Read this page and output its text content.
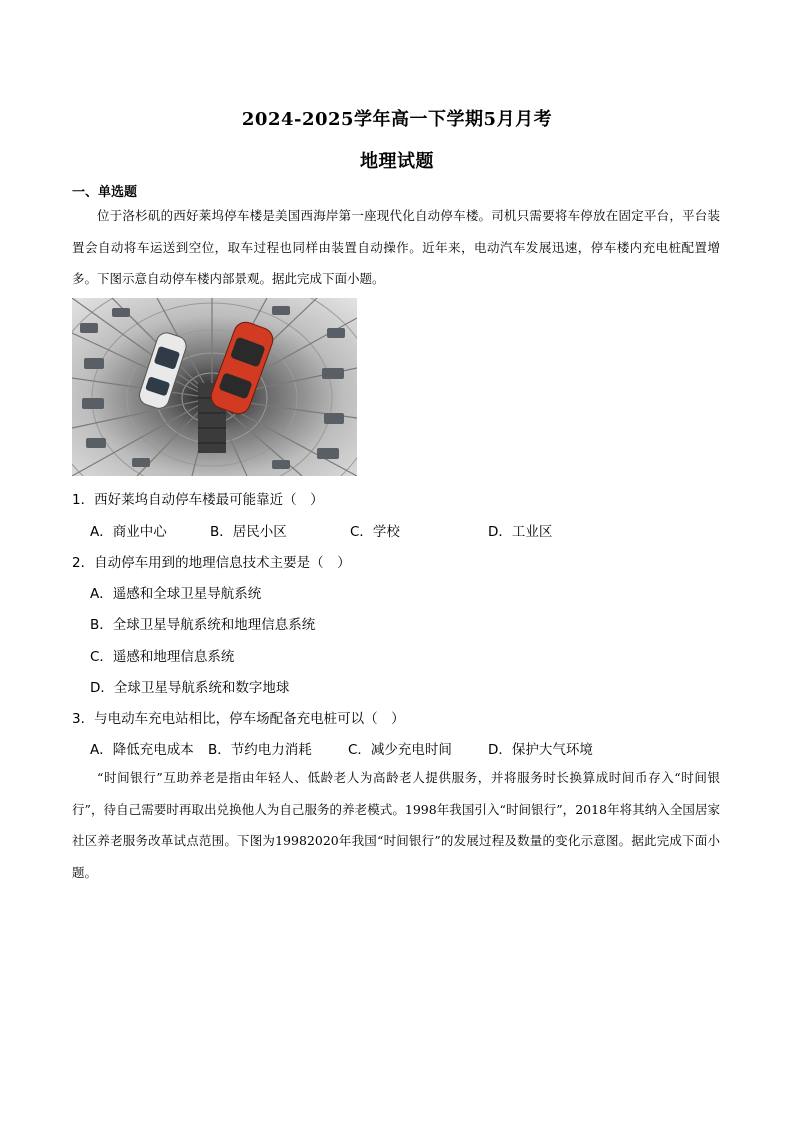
2024-2025学年高一下学期5月月考
地理试题
一、单选题
位于洛杉矶的西好莱坞停车楼是美国西海岸第一座现代化自动停车楼。司机只需要将车停放在固定平台，平台装置会自动将车运送到空位，取车过程也同样由装置自动操作。近年来，电动汽车发展迅速，停车楼内充电桩配置增多。下图示意自动停车楼内部景观。据此完成下面小题。
1．西好莱坞自动停车楼最可能靠近（　）
A．商业中心	B．居民小区	C．学校	D．工业区
2．自动停车用到的地理信息技术主要是（　）
A．遥感和全球卫星导航系统
B．全球卫星导航系统和地理信息系统
C．遥感和地理信息系统
D．全球卫星导航系统和数字地球
3．与电动车充电站相比，停车场配备充电桩可以（　）
A．降低充电成本 B．节约电力消耗	C．减少充电时间	D．保护大气环境
“时间银行”互助养老是指由年轻人、低龄老人为高龄老人提供服务，并将服务时长换算成时间币存入“时间银行”，待自己需要时再取出兑换他人为自己服务的养老模式。1998年我国引入“时间银行”，2018年将其纳入全国居家社区养老服务改革试点范围。下图为19982020年我国“时间银行”的发展过程及数量的变化示意图。据此完成下面小题。
